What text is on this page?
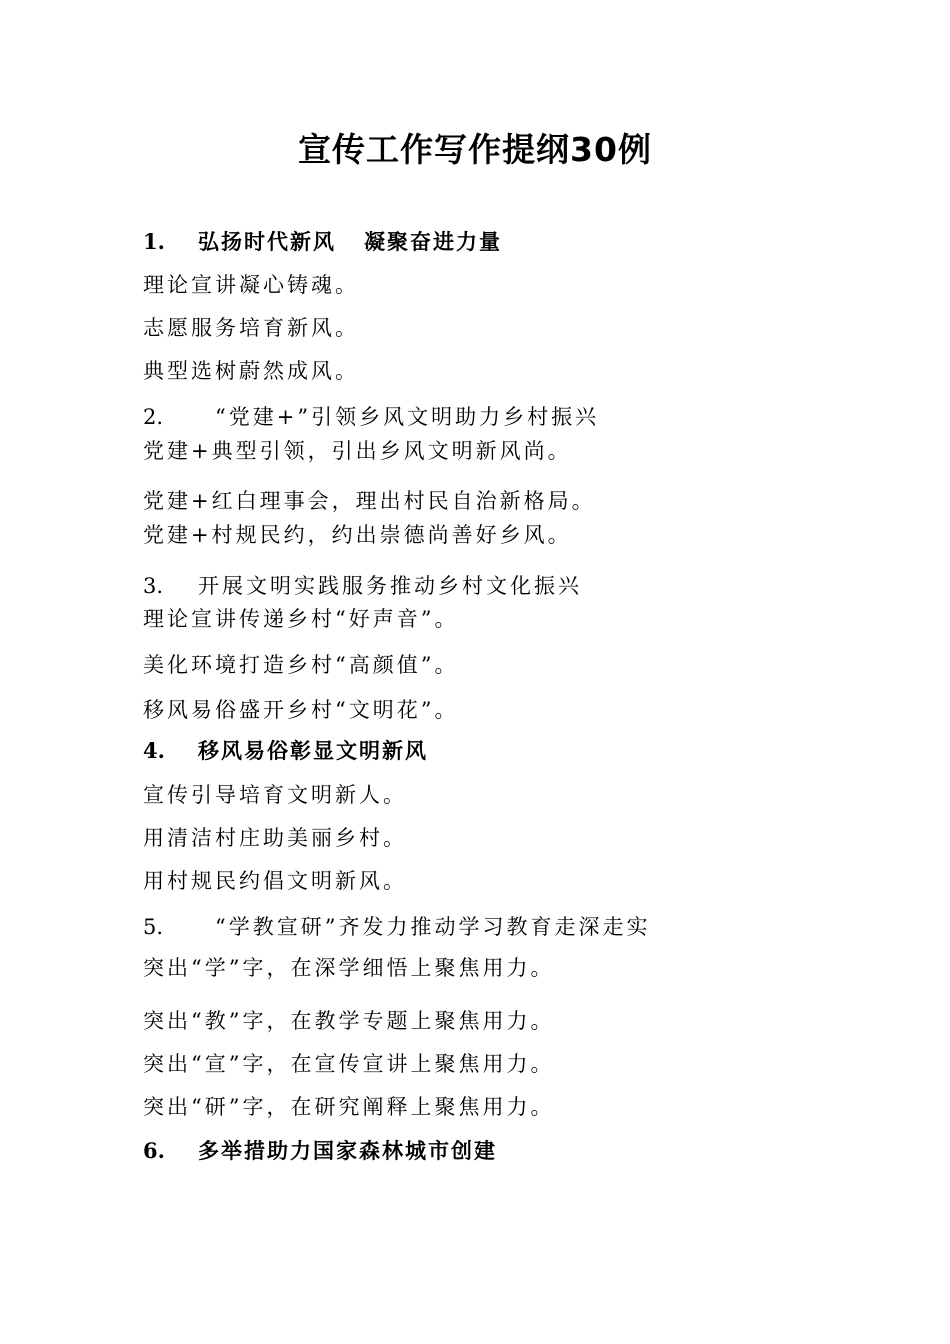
宣传工作写作提纲30例
1. 弘扬时代新风 凝聚奋进力量
理论宣讲凝心铸魂。
志愿服务培育新风。
典型选树蔚然成风。
2. “党建+”引领乡风文明助力乡村振兴
党建+典型引领，引出乡风文明新风尚。
党建+红白理事会，理出村民自治新格局。
党建+村规民约，约出崇德尚善好乡风。
3. 开展文明实践服务推动乡村文化振兴
理论宣讲传递乡村“好声音”。
美化环境打造乡村“高颜值”。
移风易俗盛开乡村“文明花”。
4. 移风易俗彰显文明新风
宣传引导培育文明新人。
用清洁村庄助美丽乡村。
用村规民约倡文明新风。
5. “学教宣研”齐发力推动学习教育走深走实
突出“学”字，在深学细悟上聚焦用力。
突出“教”字，在教学专题上聚焦用力。
突出“宣”字，在宣传宣讲上聚焦用力。
突出“研”字，在研究阐释上聚焦用力。
6. 多举措助力国家森林城市创建
